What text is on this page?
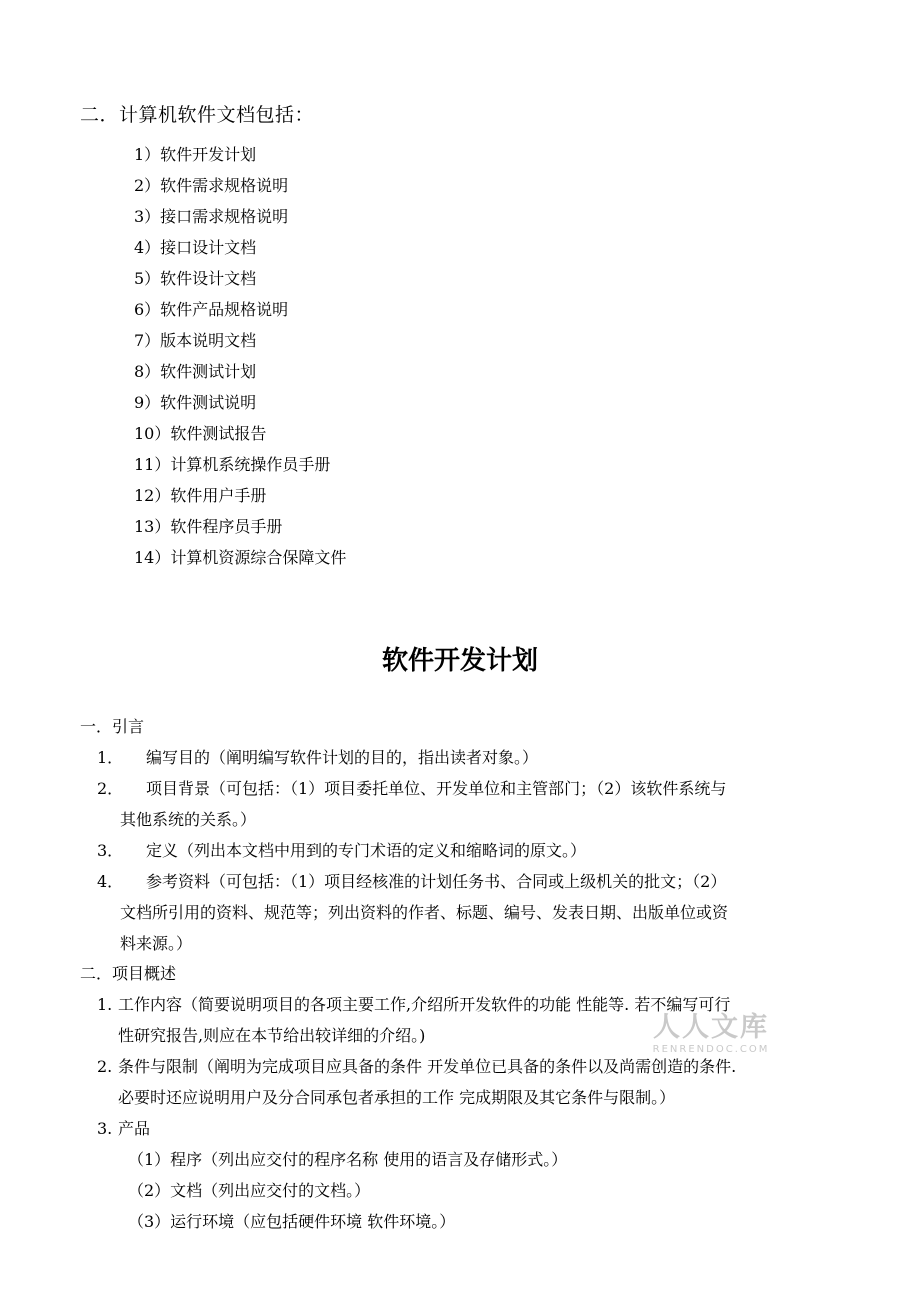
二．计算机软件文档包括：
1）软件开发计划
2）软件需求规格说明
3）接口需求规格说明
4）接口设计文档
5）软件设计文档
6）软件产品规格说明
7）版本说明文档
8）软件测试计划
9）软件测试说明
10）软件测试报告
11）计算机系统操作员手册
12）软件用户手册
13）软件程序员手册
14）计算机资源综合保障文件
软件开发计划
一．引言
1． 编写目的（阐明编写软件计划的目的，指出读者对象。）
2． 项目背景（可包括：（1）项目委托单位、开发单位和主管部门；（2）该软件系统与
其他系统的关系。）
3． 定义（列出本文档中用到的专门术语的定义和缩略词的原文。）
4． 参考资料（可包括：（1）项目经核准的计划任务书、合同或上级机关的批文；（2）
文档所引用的资料、规范等；列出资料的作者、标题、编号、发表日期、出版单位或资
料来源。）
二．项目概述
1. 工作内容（简要说明项目的各项主要工作,介绍所开发软件的功能 性能等. 若不编写可行
性研究报告,则应在本节给出较详细的介绍。)
2. 条件与限制（阐明为完成项目应具备的条件 开发单位已具备的条件以及尚需创造的条件.
必要时还应说明用户及分合同承包者承担的工作 完成期限及其它条件与限制。）
3. 产品
（1）程序（列出应交付的程序名称 使用的语言及存储形式。）
（2）文档（列出应交付的文档。）
（3）运行环境（应包括硬件环境 软件环境。）
人人文库
RENRENDOC.COM
